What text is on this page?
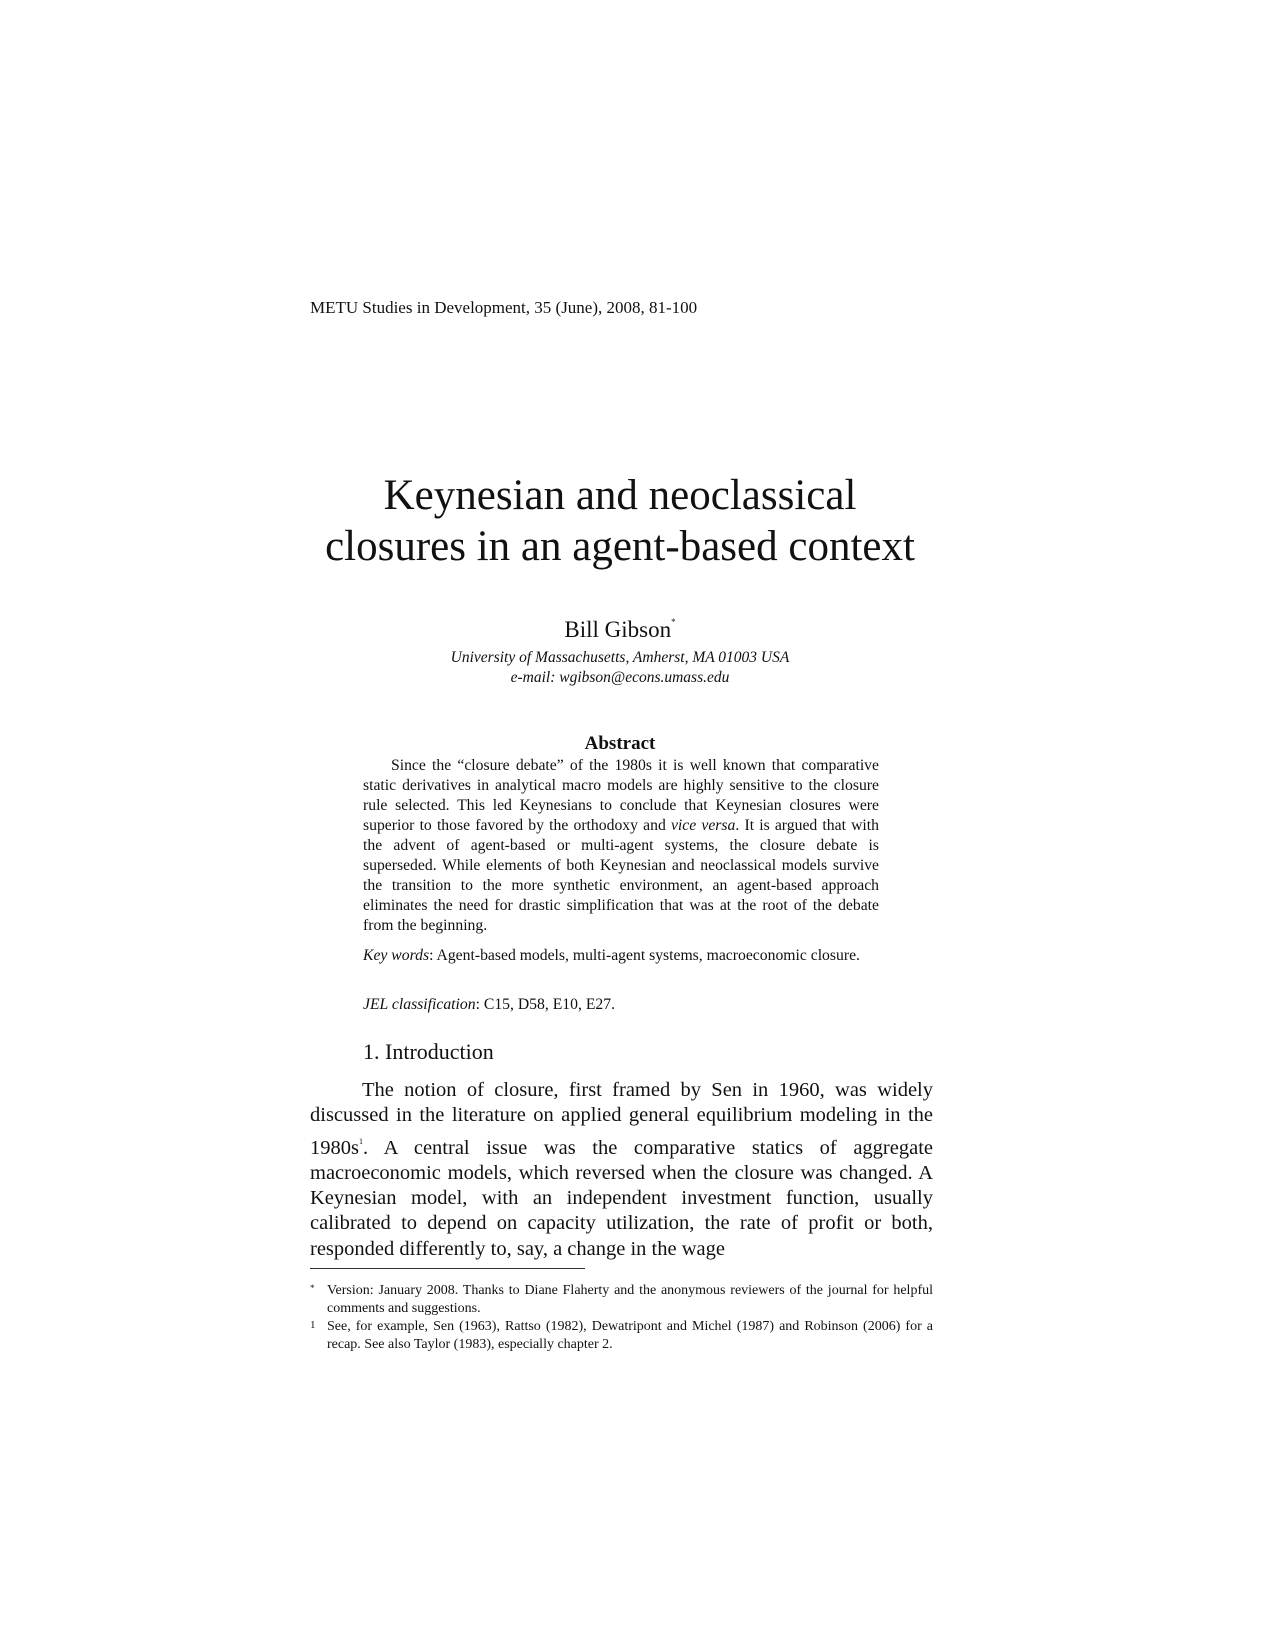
METU Studies in Development, 35 (June), 2008, 81-100
Keynesian and neoclassical
closures in an agent-based context
Bill Gibson*
University of Massachusetts, Amherst, MA 01003 USA
e-mail: wgibson@econs.umass.edu
Abstract
Since the “closure debate” of the 1980s it is well known that comparative static derivatives in analytical macro models are highly sensitive to the closure rule selected. This led Keynesians to conclude that Keynesian closures were superior to those favored by the orthodoxy and vice versa. It is argued that with the advent of agent-based or multi-agent systems, the closure debate is superseded. While elements of both Keynesian and neoclassical models survive the transition to the more synthetic environment, an agent-based approach eliminates the need for drastic simplification that was at the root of the debate from the beginning.
Key words: Agent-based models, multi-agent systems, macroeconomic closure.
JEL classification: C15, D58, E10, E27.
1. Introduction
The notion of closure, first framed by Sen in 1960, was widely discussed in the literature on applied general equilibrium modeling in the $1980s^1$. A central issue was the comparative statics of aggregate macroeconomic models, which reversed when the closure was changed. A Keynesian model, with an independent investment function, usually calibrated to depend on capacity utilization, the rate of profit or both, responded differently to, say, a change in the wage
* Version: January 2008. Thanks to Diane Flaherty and the anonymous reviewers of the journal for helpful comments and suggestions.
1 See, for example, Sen (1963), Rattso (1982), Dewatripont and Michel (1987) and Robinson (2006) for a recap. See also Taylor (1983), especially chapter 2.
